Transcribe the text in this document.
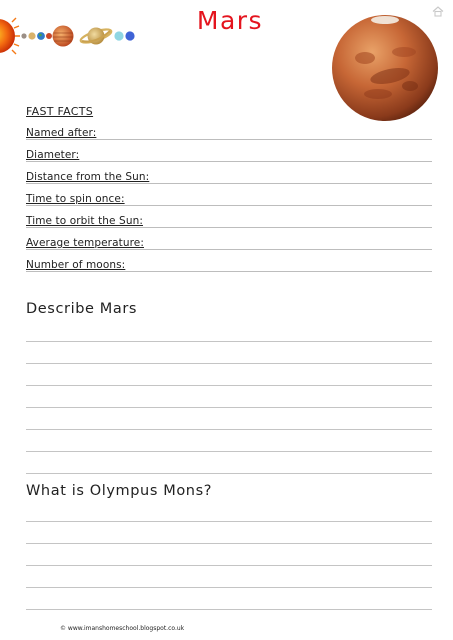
Mars
FAST FACTS
Named after:
Diameter:
Distance from the Sun:
Time to spin once:
Time to orbit the Sun:
Average temperature:
Number of moons:
Describe Mars
What is Olympus Mons?
© www.imanshomeschool.blogspot.co.uk
